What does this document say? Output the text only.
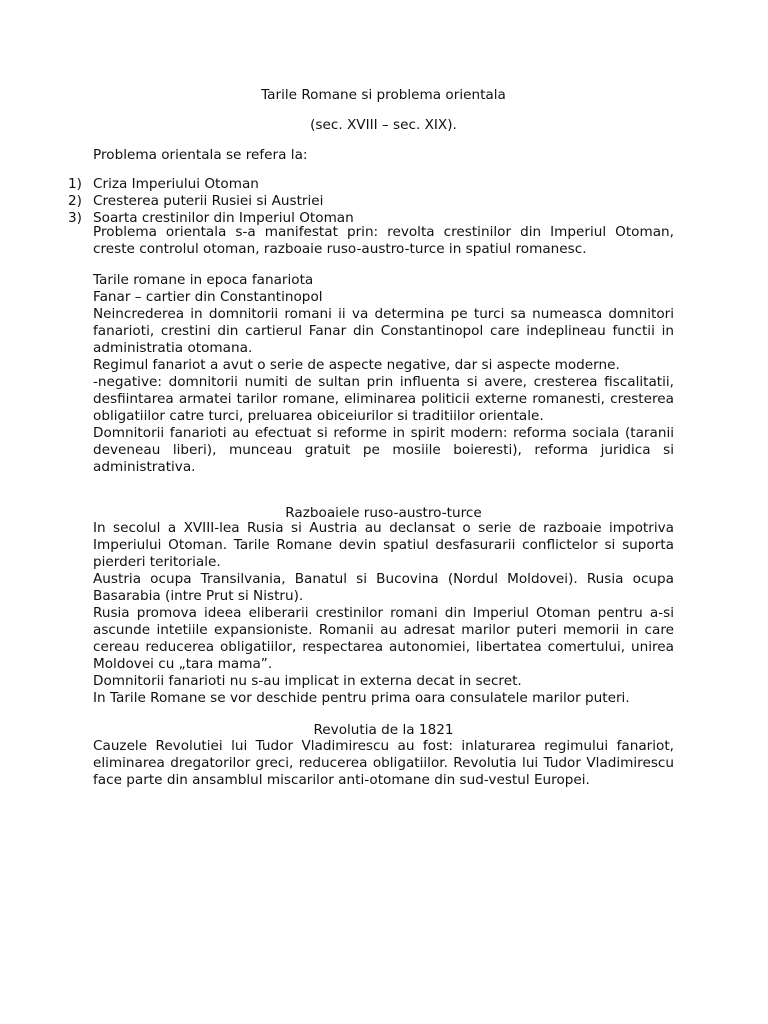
Tarile Romane si problema orientala
(sec. XVIII – sec. XIX).
Problema orientala se refera la:
1) Criza Imperiului Otoman
2) Cresterea puterii Rusiei si Austriei
3) Soarta crestinilor din Imperiul Otoman

Problema orientala s-a manifestat prin: revolta crestinilor din Imperiul Otoman, creste controlul otoman, razboaie ruso-austro-turce in spatiul romanesc.

Tarile romane in epoca fanariota

Fanar – cartier din Constantinopol

Neincrederea in domnitorii romani ii va determina pe turci sa numeasca domnitori fanarioti, crestini din cartierul Fanar din Constantinopol care indeplineau functii in administratia otomana.

Regimul fanariot a avut o serie de aspecte negative, dar si aspecte moderne.

-negative: domnitorii numiti de sultan prin influenta si avere, cresterea fiscalitatii, desfiintarea armatei tarilor romane, eliminarea politicii externe romanesti, cresterea obligatiilor catre turci, preluarea obiceiurilor si traditiilor orientale.

Domnitorii fanarioti au efectuat si reforme in spirit modern: reforma sociala (taranii deveneau liberi), munceau gratuit pe mosiile boieresti), reforma juridica si administrativa.

Razboaiele ruso-austro-turce

In secolul a XVIII-lea Rusia si Austria au declansat o serie de razboaie impotriva Imperiului Otoman. Tarile Romane devin spatiul desfasurarii conflictelor si suporta pierderi teritoriale.

Austria ocupa Transilvania, Banatul si Bucovina (Nordul Moldovei). Rusia ocupa Basarabia (intre Prut si Nistru).

Rusia promova ideea eliberarii crestinilor romani din Imperiul Otoman pentru a-si ascunde intetiile expansioniste. Romanii au adresat marilor puteri memorii in care cereau reducerea obligatiilor, respectarea autonomiei, libertatea comertului, unirea Moldovei cu „tara mama”.

Domnitorii fanarioti nu s-au implicat in externa decat in secret.

In Tarile Romane se vor deschide pentru prima oara consulatele marilor puteri.

Revolutia de la 1821

Cauzele Revolutiei lui Tudor Vladimirescu au fost: inlaturarea regimului fanariot, eliminarea dregatorilor greci, reducerea obligatiilor. Revolutia lui Tudor Vladimirescu face parte din ansamblul miscarilor anti-otomane din sud-vestul Europei.
